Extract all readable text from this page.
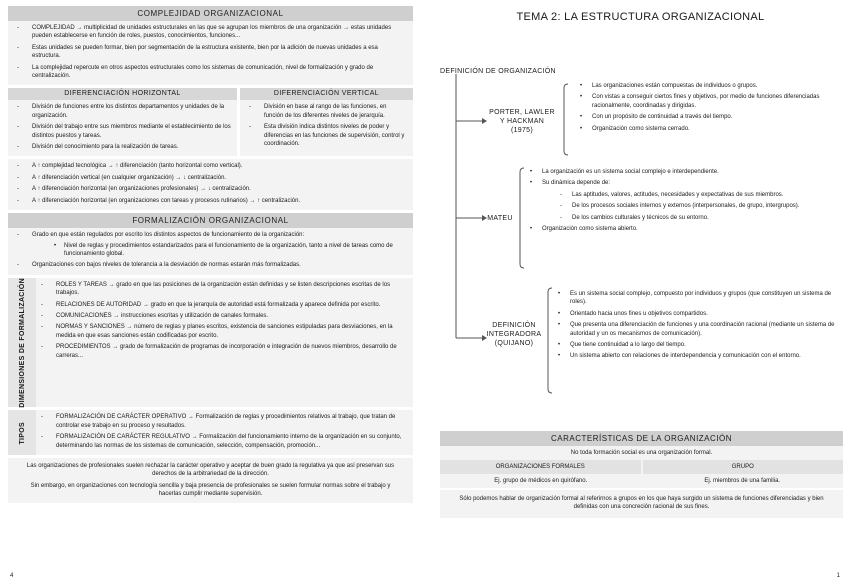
COMPLEJIDAD ORGANIZACIONAL
- COMPLEJIDAD → multiplicidad de unidades estructurales en las que se agrupan los miembros de una organización → estas unidades pueden establecerse en función de roles, puestos, conocimientos, funciones...
- Estas unidades se pueden formar, bien por segmentación de la estructura existente, bien por la adición de nuevas unidades a esa estructura.
- La complejidad repercute en otros aspectos estructurales como los sistemas de comunicación, nivel de formalización y grado de centralización.
DIFERENCIACIÓN HORIZONTAL
- División de funciones entre los distintos departamentos y unidades de la organización.
- División del trabajo entre sus miembros mediante el establecimiento de los distintos puestos y tareas.
- División del conocimiento para la realización de tareas.
DIFERENCIACIÓN VERTICAL
- División en base al rango de las funciones, en función de los diferentes niveles de jerarquía.
- Esta división indica distintos niveles de poder y diferencias en las funciones de supervisión, control y coordinación.
- A ↑ complejidad tecnológica → ↑ diferenciación (tanto horizontal como vertical).
- A ↑ diferenciación vertical (en cualquier organización) → ↓ centralización.
- A ↑ diferenciación horizontal (en organizaciones profesionales) → ↓ centralización.
- A ↑ diferenciación horizontal (en organizaciones con tareas y procesos rutinarios) → ↑ centralización.
FORMALIZACIÓN ORGANIZACIONAL
- Grado en que están regulados por escrito los distintos aspectos de funcionamiento de la organización:
• Nivel de reglas y procedimientos estandarizados para el funcionamiento de la organización, tanto a nivel de tareas como de funcionamiento global.
- Organizaciones con bajos niveles de tolerancia a la desviación de normas estarán más formalizadas.
DIMENSIONES DE FORMALIZACIÓN
-	ROLES Y TAREAS → grado en que las posiciones de la organización están definidas y se listen descripciones escritas de los trabajos.
- RELACIONES DE AUTORIDAD → grado en que la jerarquía de autoridad está formalizada y aparece definida por escrito.
- COMUNICACIONES → instrucciones escritas y utilización de canales formales.
- NORMAS Y SANCIONES → número de reglas y planes escritos, existencia de sanciones estipuladas para desviaciones, en la medida en que esas sanciones están codificadas por escrito.
- PROCEDIMIENTOS → grado de formalización de programas de incorporación e integración de nuevos miembros, desarrollo de carreras...
TIPOS
- FORMALIZACIÓN DE CARÁCTER OPERATIVO → Formalización de reglas y procedimientos relativos al trabajo, que tratan de controlar ese trabajo en su proceso y resultados.
- FORMALIZACIÓN DE CARÁCTER REGULATIVO → Formalización del funcionamiento interno de la organización en su conjunto, determinando las normas de los sistemas de comunicación, selección, compensación, promoción...

Las organizaciones de profesionales suelen rechazar la carácter operativo y aceptar de buen grado la regulativa ya que así preservan sus derechos de la arbitrariedad de la dirección.

Sin embargo, en organizaciones con tecnología sencilla y baja presencia de profesionales se suelen formular normas sobre el trabajo y hacerlas cumplir mediante supervisión.

4
TEMA 2: LA ESTRUCTURA ORGANIZACIONAL
DEFINICIÓN DE ORGANIZACIÓN
PORTER, LAWLER Y HACKMAN (1975)
• Las organizaciones están compuestas de individuos o grupos.
• Con vistas a conseguir ciertos fines y objetivos, por medio de funciones diferenciadas racionalmente, coordinadas y dirigidas.
• Con un propósito de continuidad a través del tiempo.
• Organización como sistema cerrado.
MATEU
• La organización es un sistema social complejo e interdependiente.
• Su dinámica depende de:
- Las aptitudes, valores, actitudes, necesidades y expectativas de sus miembros.
- De los procesos sociales internos y externos (interpersonales, de grupo, intergrupos).
- De los cambios culturales y técnicos de su entorno.
• Organización como sistema abierto.
DEFINICIÓN INTEGRADORA (QUIJANO)
• Es un sistema social complejo, compuesto por individuos y grupos (que constituyen un sistema de roles).
• Orientado hacia unos fines u objetivos compartidos.
• Que presenta una diferenciación de funciones y una coordinación racional (mediante un sistema de autoridad y un os mecanismos de comunicación).
• Que tiene continuidad a lo largo del tiempo.
• Un sistema abierto con relaciones de interdependencia y comunicación con el entorno.
CARACTERÍSTICAS DE LA ORGANIZACIÓN
No toda formación social es una organización formal.
ORGANIZACIONES FORMALES	GRUPO
Ej. grupo de médicos en quirófano.	Ej. miembros de una familia.
Sólo podemos hablar de organización formal al referirnos a grupos en los que haya surgido un sistema de funciones diferenciadas y bien definidas con una concreción racional de sus fines.
1
